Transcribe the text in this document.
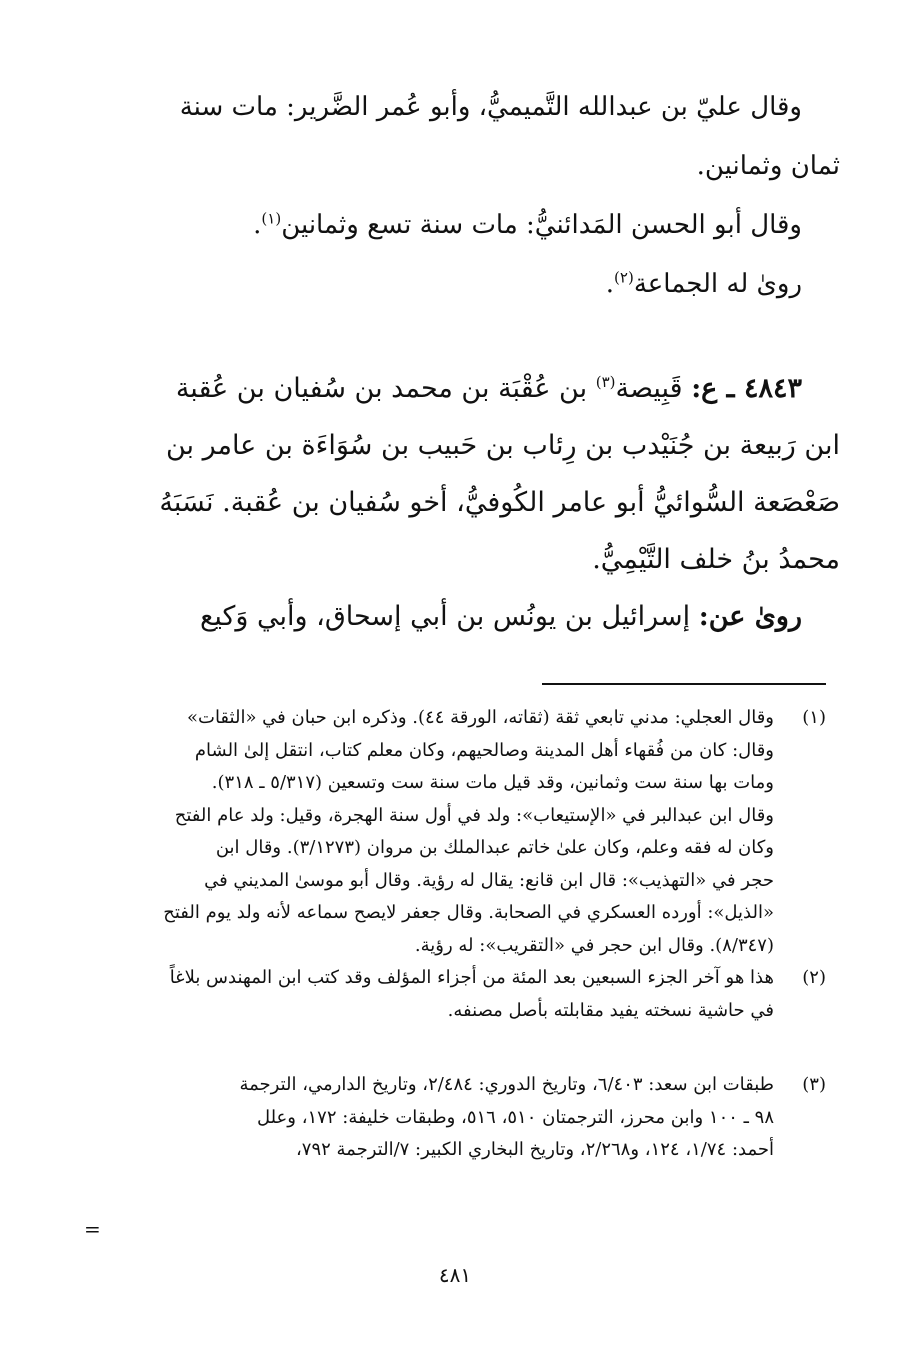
وقال عليّ بن عبدالله التَّميميُّ، وأبو عُمر الضَّرير: مات سنة

ثمان وثمانين.

وقال أبو الحسن المَدائنيُّ: مات سنة تسع وثمانين$^{(١)}$.

روىٰ له الجماعة$^{(٢)}$.

٤٨٤٣ ـ ع: قَبِيصة$^{(٣)}$ بن عُقْبَة بن محمد بن سُفيان بن عُقبة

ابن رَبيعة بن جُنَيْدب بن رِئاب بن حَبيب بن سُوَاءَة بن عامر بن

صَعْصَعة السُّوائيُّ أبو عامر الكُوفيُّ، أخو سُفيان بن عُقبة. نَسَبَهُ

محمدُ بنُ خلف التَّيْمِيُّ.

روىٰ عن: إسرائيل بن يونُس بن أبي إسحاق، وأبي وَكيع

(١)
وقال العجلي: مدني تابعي ثقة (ثقاته، الورقة ٤٤). وذكره ابن حبان في «الثقات»
وقال: كان من فُقهاء أهل المدينة وصالحيهم، وكان معلم كتاب، انتقل إلىٰ الشام
ومات بها سنة ست وثمانين، وقد قيل مات سنة ست وتسعين (٥/٣١٧ ـ ٣١٨).
وقال ابن عبدالبر في «الإستيعاب»: ولد في أول سنة الهجرة، وقيل: ولد عام الفتح
وكان له فقه وعلم، وكان علىٰ خاتم عبدالملك بن مروان (٣/١٢٧٣). وقال ابن
حجر في «التهذيب»: قال ابن قانع: يقال له رؤية. وقال أبو موسىٰ المديني في
«الذيل»: أورده العسكري في الصحابة. وقال جعفر لايصح سماعه لأنه ولد يوم الفتح
(٨/٣٤٧). وقال ابن حجر في «التقريب»: له رؤية.
(٢)
هذا هو آخر الجزء السبعين بعد المئة من أجزاء المؤلف وقد كتب ابن المهندس بلاغاً
في حاشية نسخته يفيد مقابلته بأصل مصنفه.
(٣)
طبقات ابن سعد: ٦/٤٠٣، وتاريخ الدوري: ٢/٤٨٤، وتاريخ الدارمي، الترجمة
٩٨ ـ ١٠٠ وابن محرز، الترجمتان ٥١٠، ٥١٦، وطبقات خليفة: ١٧٢، وعلل
أحمد: ١/٧٤، ١٢٤، و٢/٢٦٨، وتاريخ البخاري الكبير: ٧/الترجمة ٧٩٢،
=
٤٨١
